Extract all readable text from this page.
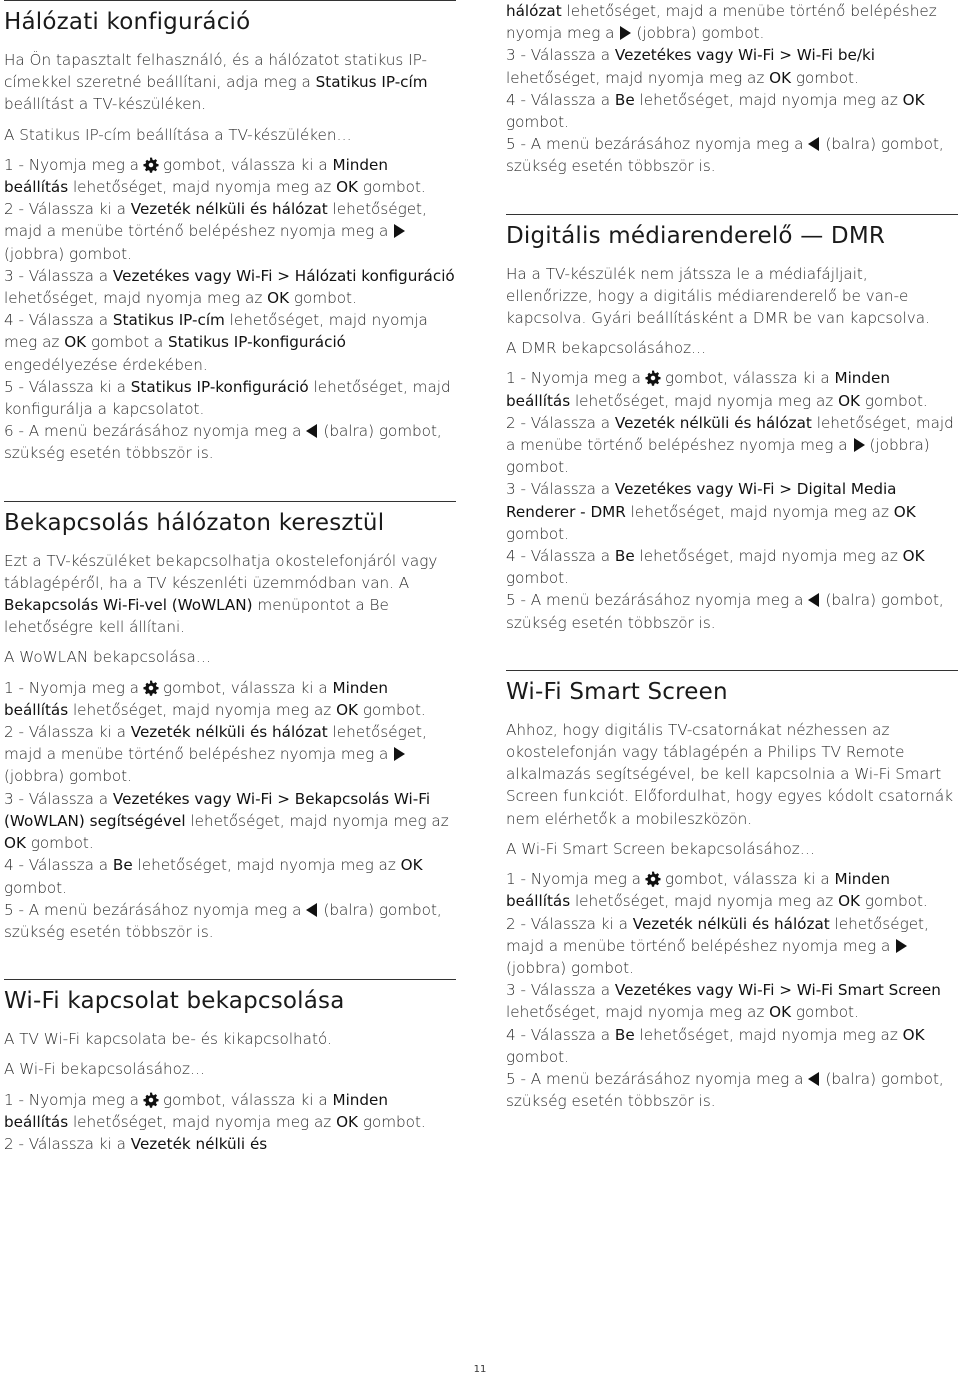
Hálózati konfiguráció

Ha Ön tapasztalt felhasználó, és a hálózatot statikus IP-címekkel szeretné beállítani, adja meg a Statikus IP-cím beállítást a TV-készüléken.

A Statikus IP-cím beállítása a TV-készüléken…

1 - Nyomja meg a gombot, válassza ki a Minden beállítás lehetőséget, majd nyomja meg az OK gombot.

2 - Válassza ki a Vezeték nélküli és hálózat lehetőséget, majd a menübe történő belépéshez nyomja meg a(jobbra) gombot.

3 - Válassza a Vezetékes vagy Wi-Fi > Hálózati konfiguráció lehetőséget, majd nyomja meg az OK gombot.

4 - Válassza a Statikus IP-cím lehetőséget, majd nyomja meg az OK gombot a Statikus IP-konfiguráció engedélyezése érdekében.

5 - Válassza ki a Statikus IP-konfiguráció lehetőséget, majd konfigurálja a kapcsolatot.

6 - A menü bezárásához nyomja meg a (balra) gombot, szükség esetén többször is.

Bekapcsolás hálózaton keresztül

Ezt a TV-készüléket bekapcsolhatja okostelefonjáról vagy táblagépéről, ha a TV készenléti üzemmódban van. A Bekapcsolás Wi-Fi-vel (WoWLAN) menüpontot a Be lehetőségre kell állítani.

A WoWLAN bekapcsolása…

1 - Nyomja meg a gombot, válassza ki a Minden beállítás lehetőséget, majd nyomja meg az OK gombot.

2 - Válassza ki a Vezeték nélküli és hálózat lehetőséget, majd a menübe történő belépéshez nyomja meg a(jobbra) gombot.

3 - Válassza a Vezetékes vagy Wi-Fi > Bekapcsolás Wi-Fi (WoWLAN) segítségével lehetőséget, majd nyomja meg az OK gombot.

4 - Válassza a Be lehetőséget, majd nyomja meg az OK gombot.

5 - A menü bezárásához nyomja meg a (balra) gombot, szükség esetén többször is.

Wi-Fi kapcsolat bekapcsolása

A TV Wi-Fi kapcsolata be- és kikapcsolható.

A Wi-Fi bekapcsolásához…

1 - Nyomja meg a gombot, válassza ki a Minden beállítás lehetőséget, majd nyomja meg az OK gombot.

2 - Válassza ki a Vezeték nélküli és

hálózat lehetőséget, majd a menübe történő belépéshez nyomja meg a (jobbra) gombot.

3 - Válassza a Vezetékes vagy Wi-Fi > Wi-Fi be/ki lehetőséget, majd nyomja meg az OK gombot.

4 - Válassza a Be lehetőséget, majd nyomja meg az OK gombot.

5 - A menü bezárásához nyomja meg a (balra) gombot, szükség esetén többször is.

Digitális médiarenderelő — DMR

Ha a TV-készülék nem játssza le a médiafájljait, ellenőrizze, hogy a digitális médiarenderelő be van-e kapcsolva. Gyári beállításként a DMR be van kapcsolva.

A DMR bekapcsolásához…

1 - Nyomja meg a gombot, válassza ki a Minden beállítás lehetőséget, majd nyomja meg az OK gombot.

2 - Válassza a Vezeték nélküli és hálózat lehetőséget, majd a menübe történő belépéshez nyomja meg a (jobbra) gombot.

3 - Válassza a Vezetékes vagy Wi-Fi > Digital Media Renderer - DMR lehetőséget, majd nyomja meg az OK gombot.

4 - Válassza a Be lehetőséget, majd nyomja meg az OK gombot.

5 - A menü bezárásához nyomja meg a (balra) gombot, szükség esetén többször is.

Wi-Fi Smart Screen

Ahhoz, hogy digitális TV-csatornákat nézhessen az okostelefonján vagy táblagépén a Philips TV Remote alkalmazás segítségével, be kell kapcsolnia a Wi-Fi Smart Screen funkciót. Előfordulhat, hogy egyes kódolt csatornák nem elérhetők a mobileszközön.

A Wi-Fi Smart Screen bekapcsolásához…

1 - Nyomja meg a gombot, válassza ki a Minden beállítás lehetőséget, majd nyomja meg az OK gombot.

2 - Válassza ki a Vezeték nélküli és hálózat lehetőséget, majd a menübe történő belépéshez nyomja meg a(jobbra) gombot.

3 - Válassza a Vezetékes vagy Wi-Fi > Wi-Fi Smart Screen lehetőséget, majd nyomja meg az OK gombot.

4 - Válassza a Be lehetőséget, majd nyomja meg az OK gombot.

5 - A menü bezárásához nyomja meg a (balra) gombot, szükség esetén többször is.

11
